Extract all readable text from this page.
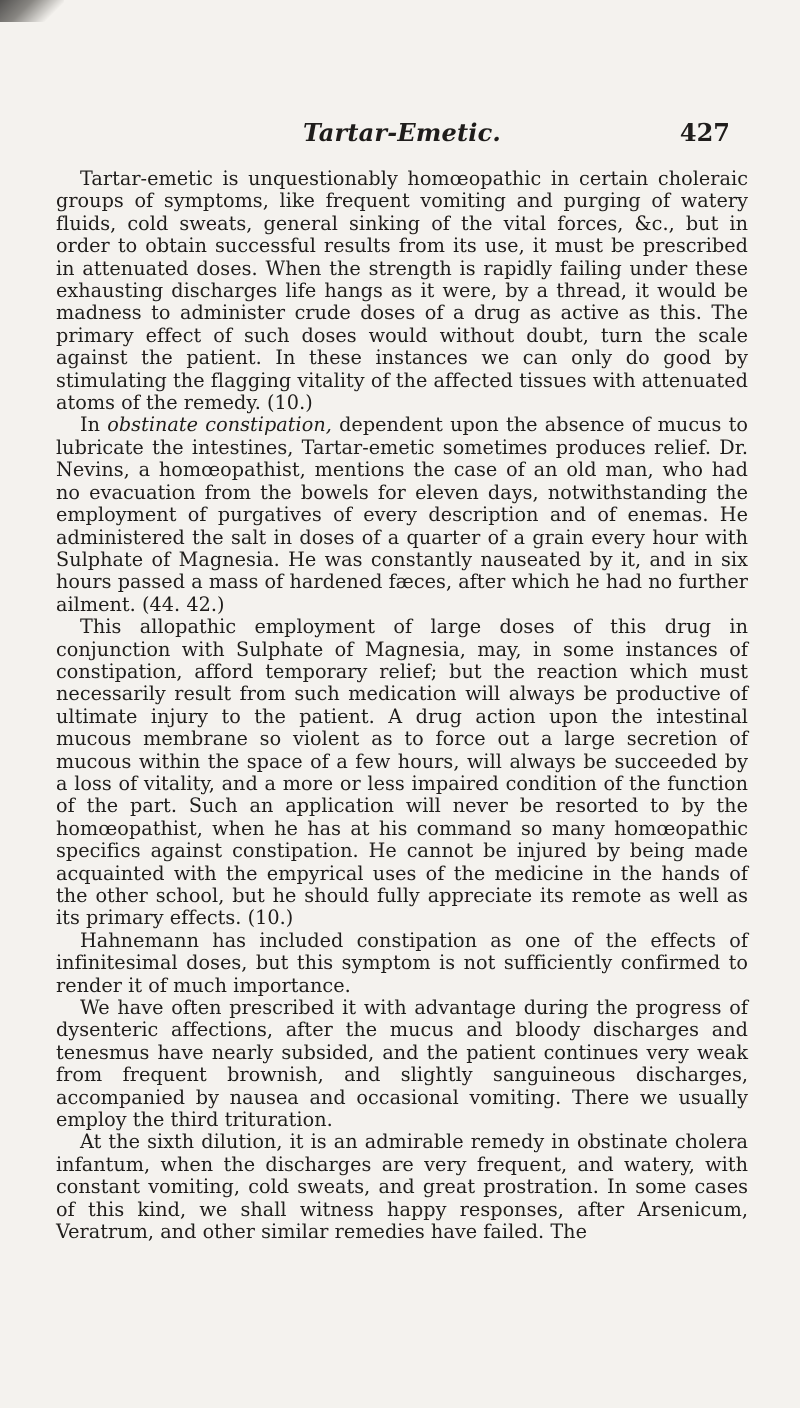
Tartar-Emetic.	427

Tartar-emetic is unquestionably homœopathic in certain choleraic groups of symptoms, like frequent vomiting and purging of watery fluids, cold sweats, general sinking of the vital forces, &c., but in order to obtain successful results from its use, it must be prescribed in attenuated doses. When the strength is rapidly failing under these exhausting discharges life hangs as it were, by a thread, it would be madness to administer crude doses of a drug as active as this. The primary effect of such doses would without doubt, turn the scale against the patient. In these instances we can only do good by stimulating the flagging vitality of the affected tissues with attenuated atoms of the remedy. (10.)

In obstinate constipation, dependent upon the absence of mucus to lubricate the intestines, Tartar-emetic sometimes produces relief. Dr. Nevins, a homœopathist, mentions the case of an old man, who had no evacuation from the bowels for eleven days, notwithstanding the employment of purgatives of every description and of enemas. He administered the salt in doses of a quarter of a grain every hour with Sulphate of Magnesia. He was constantly nauseated by it, and in six hours passed a mass of hardened fæces, after which he had no further ailment. (44. 42.)

This allopathic employment of large doses of this drug in conjunction with Sulphate of Magnesia, may, in some instances of constipation, afford temporary relief; but the reaction which must necessarily result from such medication will always be productive of ultimate injury to the patient. A drug action upon the intestinal mucous membrane so violent as to force out a large secretion of mucous within the space of a few hours, will always be succeeded by a loss of vitality, and a more or less impaired condition of the function of the part. Such an application will never be resorted to by the homœopathist, when he has at his command so many homœopathic specifics against constipation. He cannot be injured by being made acquainted with the empyrical uses of the medicine in the hands of the other school, but he should fully appreciate its remote as well as its primary effects. (10.)

Hahnemann has included constipation as one of the effects of infinitesimal doses, but this symptom is not sufficiently confirmed to render it of much importance.

We have often prescribed it with advantage during the progress of dysenteric affections, after the mucus and bloody discharges and tenesmus have nearly subsided, and the patient continues very weak from frequent brownish, and slightly sanguineous discharges, accompanied by nausea and occasional vomiting. There we usually employ the third trituration.

At the sixth dilution, it is an admirable remedy in obstinate cholera infantum, when the discharges are very frequent, and watery, with constant vomiting, cold sweats, and great prostration. In some cases of this kind, we shall witness happy responses, after Arsenicum, Veratrum, and other similar remedies have failed. The
